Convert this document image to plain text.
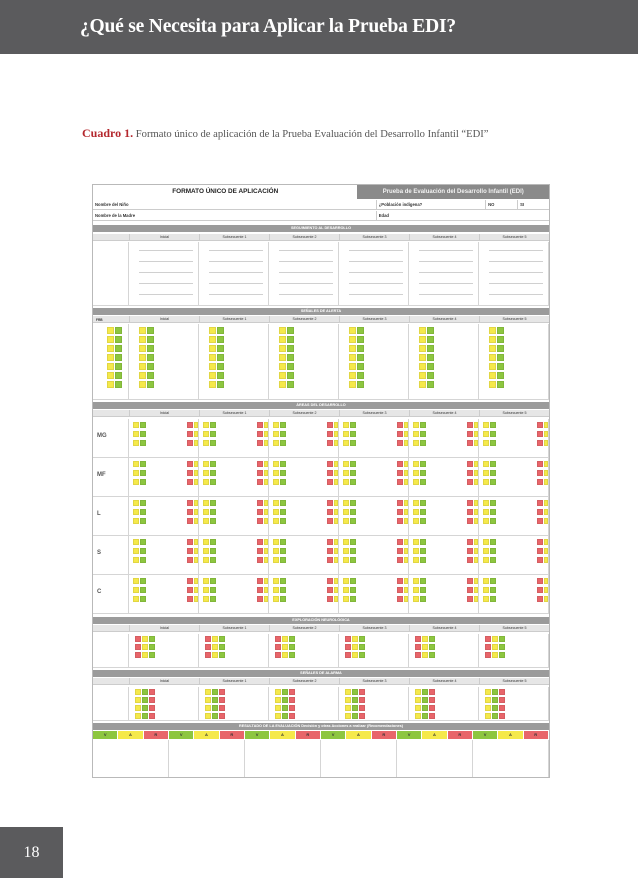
¿Qué se Necesita para Aplicar la Prueba EDI?
Cuadro 1. Formato único de aplicación de la Prueba Evaluación del Desarrollo Infantil “EDI”
FORMATO ÚNICO DE APLICACIÓN	Prueba de Evaluación del Desarrollo Infantil (EDI)
Nombre del Niño	¿Población indígena?	NO	SI
Nombre de la Madre	Edad
SEGUIMIENTO AL DESARROLLO
Inicial	Subsecuente 1	Subsecuente 2	Subsecuente 3	Subsecuente 4	Subsecuente 5
SEÑALES DE ALERTA
Inicial	Subsecuente 1	Subsecuente 2	Subsecuente 3	Subsecuente 4	Subsecuente 5
FRB
ÁREAS DEL DESARROLLO
Inicial	Subsecuente 1	Subsecuente 2	Subsecuente 3	Subsecuente 4	Subsecuente 5
MG
MF
L
S
C
EXPLORACIÓN NEUROLÓGICA
Inicial	Subsecuente 1	Subsecuente 2	Subsecuente 3	Subsecuente 4	Subsecuente 5
SEÑALES DE ALARMA
Inicial	Subsecuente 1	Subsecuente 2	Subsecuente 3	Subsecuente 4	Subsecuente 5
RESULTADO DE LA EVALUACIÓN Decisión y otras Acciones a realizar (Recomendaciones)
V	A	R	V	A	R	V	A	R	V	A	R	V	A	R	V	A	R
18
